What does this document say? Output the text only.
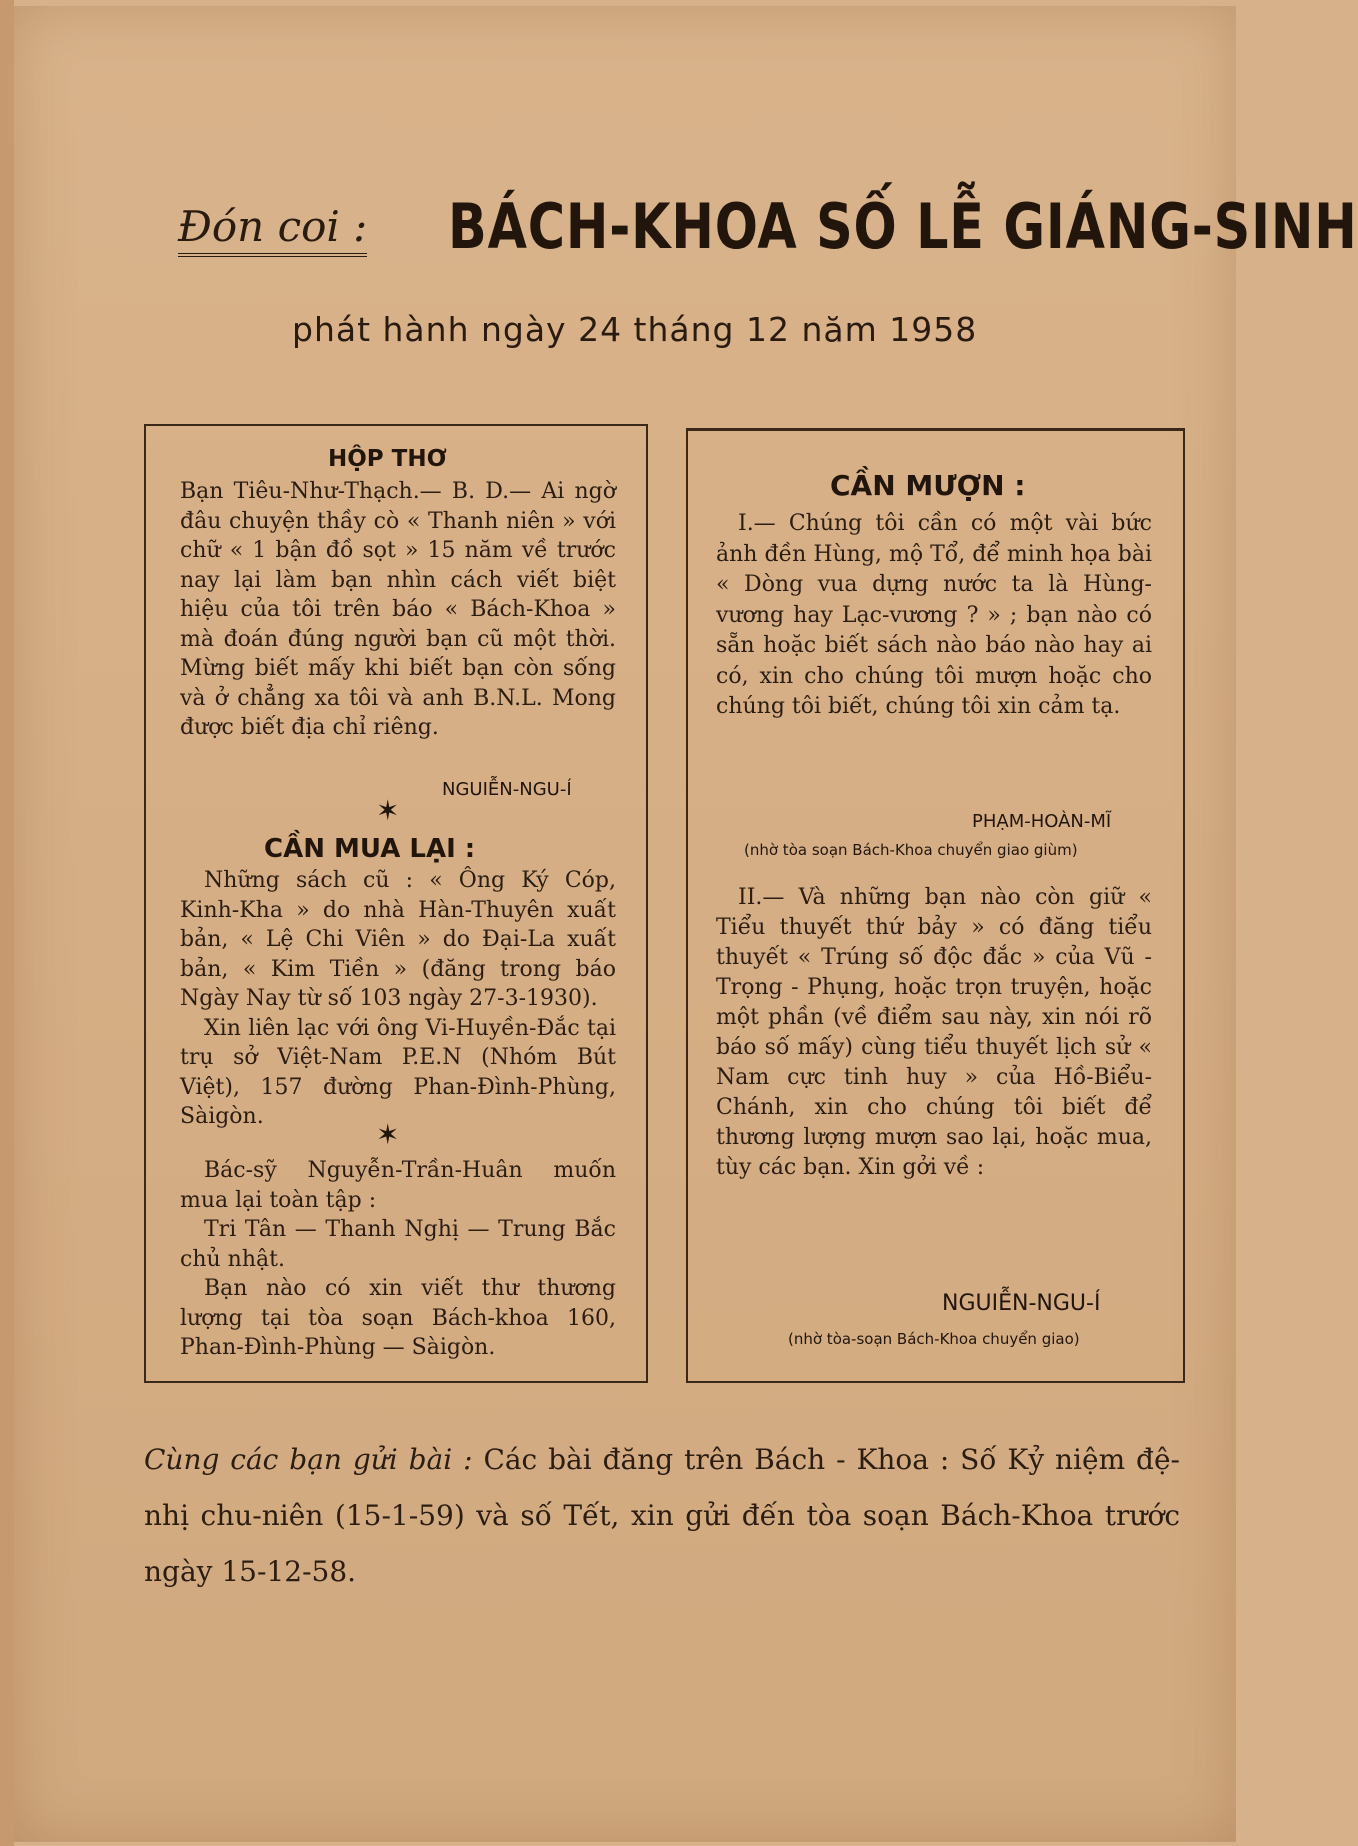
Đón coi : BÁCH-KHOA SỐ LỄ GIÁNG-SINH
phát hành ngày 24 tháng 12 năm 1958
HỘP THƠ

Bạn Tiêu-Như-Thạch.— B. D.— Ai ngờ đâu chuyện thầy cò « Thanh niên » với chữ « 1 bận đồ sọt » 15 năm về trước nay lại làm bạn nhìn cách viết biệt hiệu của tôi trên báo « Bách-Khoa » mà đoán đúng người bạn cũ một thời. Mừng biết mấy khi biết bạn còn sống và ở chẳng xa tôi và anh B.N.L. Mong được biết địa chỉ riêng.

NGUIỄN-NGU-Í
✶
CẦN MUA LẠI :

Những sách cũ : « Ông Ký Cóp, Kinh-Kha » do nhà Hàn-Thuyên xuất bản, « Lệ Chi Viên » do Đại-La xuất bản, « Kim Tiền » (đăng trong báo Ngày Nay từ số 103 ngày 27-3-1930).

Xin liên lạc với ông Vi-Huyền-Đắc tại trụ sở Việt-Nam P.E.N (Nhóm Bút Việt), 157 đường Phan-Đình-Phùng, Sàigòn.

✶

Bác-sỹ Nguyễn-Trần-Huân muốn mua lại toàn tập :

Tri Tân — Thanh Nghị — Trung Bắc chủ nhật.

Bạn nào có xin viết thư thương lượng tại tòa soạn Bách-khoa 160, Phan-Đình-Phùng — Sàigòn.

CẦN MƯỢN :

I.— Chúng tôi cần có một vài bức ảnh đền Hùng, mộ Tổ, để minh họa bài « Dòng vua dựng nước ta là Hùng-vương hay Lạc-vương ? » ; bạn nào có sẵn hoặc biết sách nào báo nào hay ai có, xin cho chúng tôi mượn hoặc cho chúng tôi biết, chúng tôi xin cảm tạ.

PHẠM-HOÀN-MĨ
(nhờ tòa soạn Bách-Khoa chuyển giao giùm)

II.— Và những bạn nào còn giữ « Tiểu thuyết thứ bảy » có đăng tiểu thuyết « Trúng số độc đắc » của Vũ - Trọng - Phụng, hoặc trọn truyện, hoặc một phần (về điểm sau này, xin nói rõ báo số mấy) cùng tiểu thuyết lịch sử « Nam cực tinh huy » của Hồ-Biểu-Chánh, xin cho chúng tôi biết để thương lượng mượn sao lại, hoặc mua, tùy các bạn. Xin gởi về :

NGUIỄN-NGU-Í
(nhờ tòa-soạn Bách-Khoa chuyển giao)
Cùng các bạn gửi bài : Các bài đăng trên Bách - Khoa : Số Kỷ niệm đệ-nhị chu-niên (15-1-59) và số Tết, xin gửi đến tòa soạn Bách-Khoa trước ngày 15-12-58.
